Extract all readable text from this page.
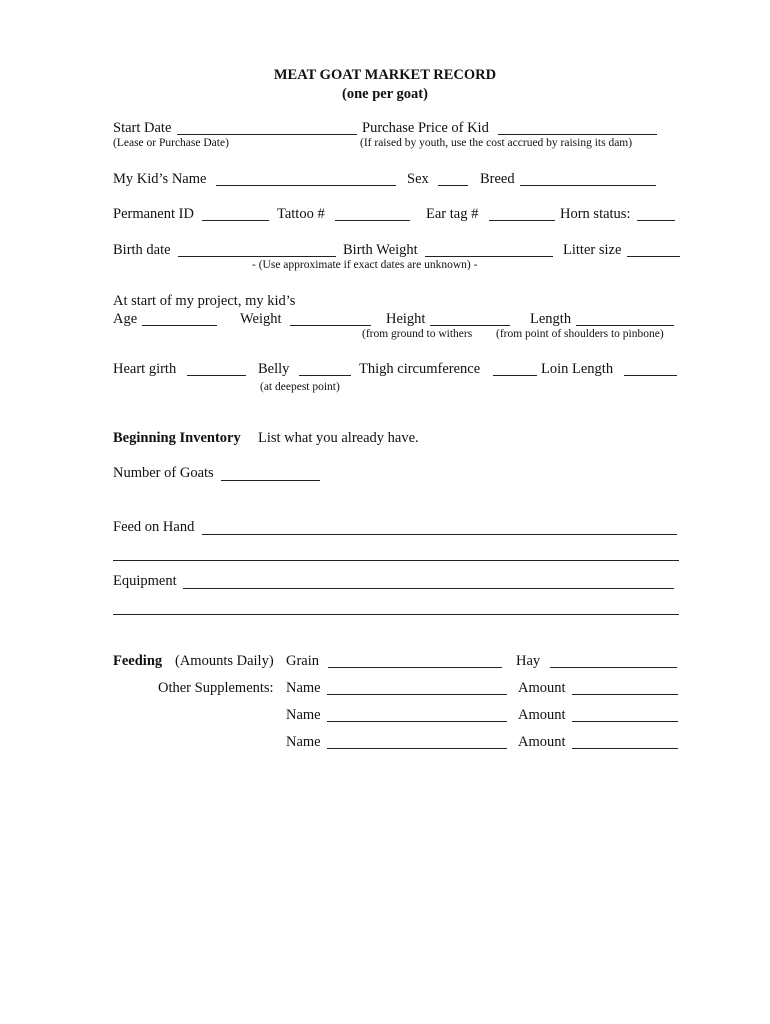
MEAT GOAT MARKET RECORD
(one per goat)
Start Date	Purchase Price of Kid
(Lease or Purchase Date)	(If raised by youth, use the cost accrued by raising its dam)
My Kid’s Name	Sex	Breed
Permanent ID	Tattoo #	Ear tag #	Horn status:
Birth date	Birth Weight	Litter size
- (Use approximate if exact dates are unknown) -
At start of my project, my kid’s
Age	Weight	Height	Length
(from ground to withers (from point of shoulders to pinbone)
Heart girth	Belly	Thigh circumference	Loin Length
(at deepest point)
Beginning Inventory List what you already have.
Number of Goats
Feed on Hand
Equipment
Feeding (Amounts Daily) Grain	Hay
Other Supplements: Name	Amount
Name	Amount
Name	Amount
